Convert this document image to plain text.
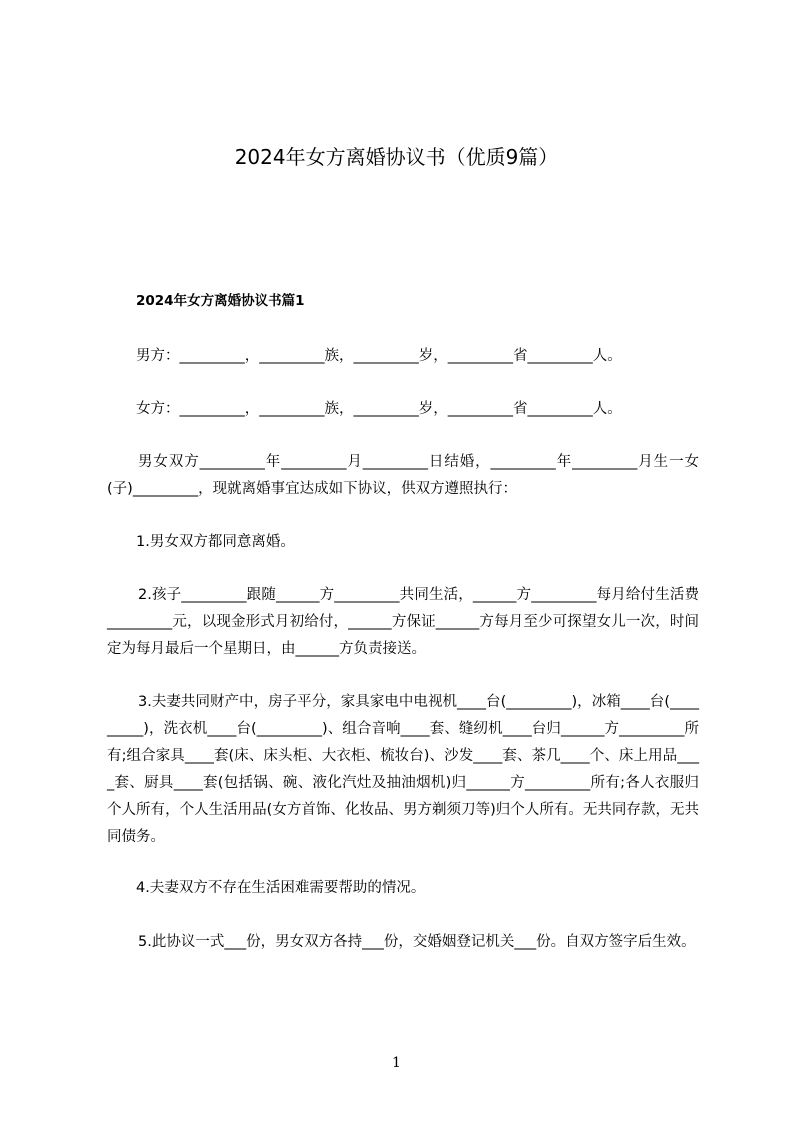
2024年女方离婚协议书（优质9篇）
2024年女方离婚协议书篇1

男方：_________，_________族，_________岁，_________省_________人。

女方：_________，_________族，_________岁，_________省_________人。

男女双方_________年_________月_________日结婚，_________年_________月生一女(子)_________，现就离婚事宜达成如下协议，供双方遵照执行：

1.男女双方都同意离婚。

2.孩子_________跟随______方_________共同生活，______方_________每月给付生活费_________元，以现金形式月初给付，______方保证______方每月至少可探望女儿一次，时间定为每月最后一个星期日，由______方负责接送。

3.夫妻共同财产中，房子平分，家具家电中电视机____台(_________)，冰箱____台(_________)，洗衣机____台(_________)、组合音响____套、缝纫机____台归______方_________所有;组合家具____套(床、床头柜、大衣柜、梳妆台)、沙发____套、茶几____个、床上用品____套、厨具____套(包括锅、碗、液化汽灶及抽油烟机)归______方_________所有;各人衣服归个人所有，个人生活用品(女方首饰、化妆品、男方剃须刀等)归个人所有。无共同存款，无共同债务。

4.夫妻双方不存在生活困难需要帮助的情况。

5.此协议一式___份，男女双方各持___份，交婚姻登记机关___份。自双方签字后生效。

1
